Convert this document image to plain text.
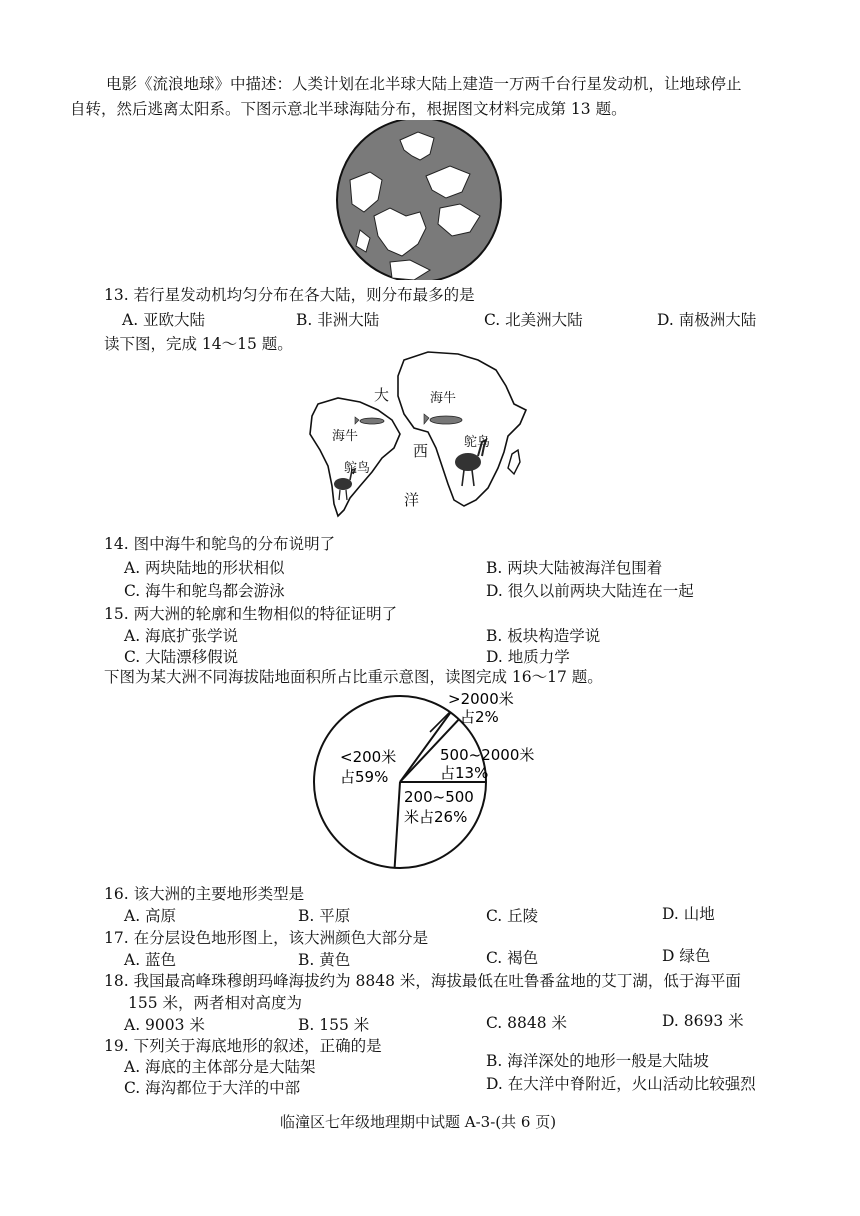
电影《流浪地球》中描述：人类计划在北半球大陆上建造一万两千台行星发动机，让地球停止
自转，然后逃离太阳系。下图示意北半球海陆分布，根据图文材料完成第 13 题。
13. 若行星发动机均匀分布在各大陆，则分布最多的是
A. 亚欧大陆	B. 非洲大陆	C. 北美洲大陆	D. 南极洲大陆
读下图，完成 14～15 题。
大
西
洋
海牛
鸵鸟
海牛
鸵鸟
14. 图中海牛和鸵鸟的分布说明了
A. 两块陆地的形状相似	B. 两块大陆被海洋包围着
C. 海牛和鸵鸟都会游泳	D. 很久以前两块大陆连在一起
15. 两大洲的轮廓和生物相似的特征证明了
A. 海底扩张学说	B. 板块构造学说
C. 大陆漂移假说	D. 地质力学
下图为某大洲不同海拔陆地面积所占比重示意图，读图完成 16～17 题。
>2000米
占2%
<200米
占59%
500~2000米
占13%
200~500
米占26%
16. 该大洲的主要地形类型是
A. 高原	B. 平原	C. 丘陵	D. 山地
17. 在分层设色地形图上，该大洲颜色大部分是
A. 蓝色	B. 黄色	C. 褐色	D 绿色
18. 我国最高峰珠穆朗玛峰海拔约为 8848 米，海拔最低在吐鲁番盆地的艾丁湖，低于海平面
155 米，两者相对高度为
A. 9003 米	B. 155 米	C. 8848 米	D. 8693 米
19. 下列关于海底地形的叙述，正确的是
A. 海底的主体部分是大陆架	B. 海洋深处的地形一般是大陆坡
C. 海沟都位于大洋的中部	D. 在大洋中脊附近，火山活动比较强烈
临潼区七年级地理期中试题 A-3-(共 6 页)
